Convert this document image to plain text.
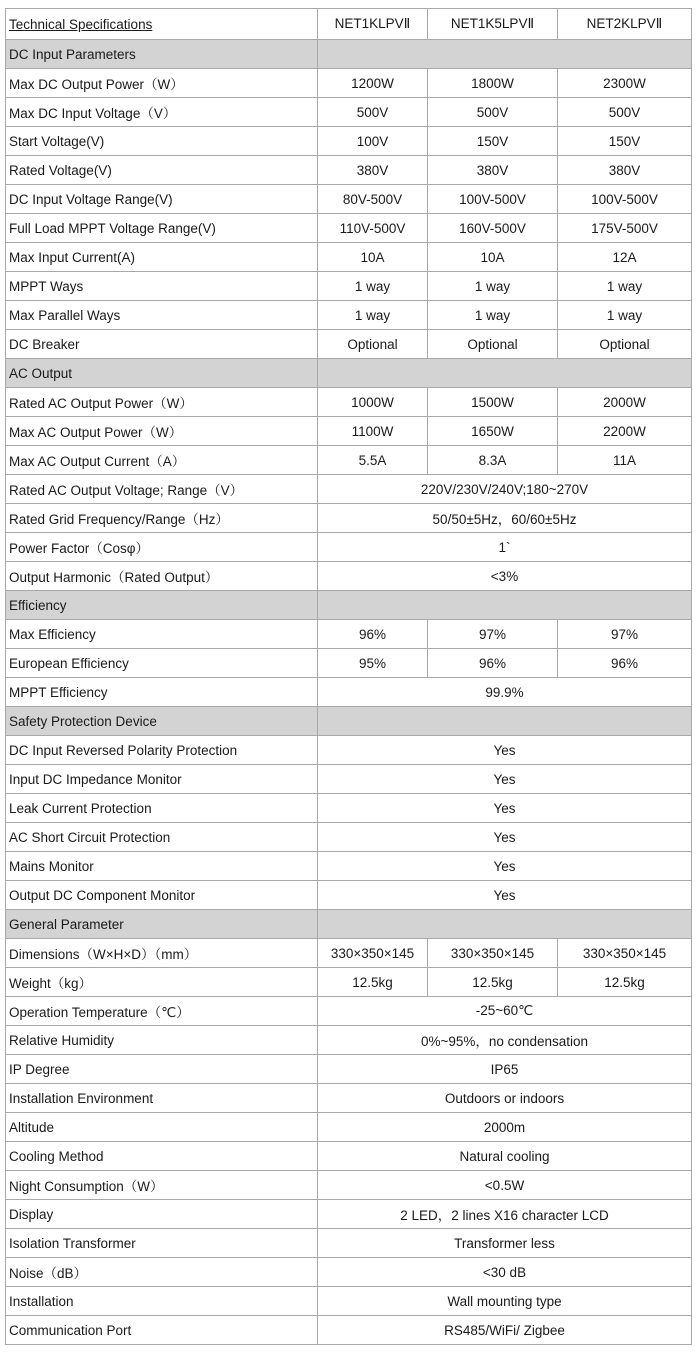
Technical Specifications	NET1KLPVⅡ	NET1K5LPVⅡ	NET2KLPVⅡ
DC Input Parameters			
Max DC Output Power（W）	1200W	1800W	2300W
Max DC Input Voltage（V）	500V	500V	500V
Start Voltage(V)	100V	150V	150V
Rated Voltage(V)	380V	380V	380V
DC Input Voltage Range(V)	80V-500V	100V-500V	100V-500V
Full Load MPPT Voltage Range(V)	110V-500V	160V-500V	175V-500V
Max Input Current(A)	10A	10A	12A
MPPT Ways	1 way	1 way	1 way
Max Parallel Ways	1 way	1 way	1 way
DC Breaker	Optional	Optional	Optional
AC Output			
Rated AC Output Power（W）	1000W	1500W	2000W
Max AC Output Power（W）	1100W	1650W	2200W
Max AC Output Current（A）	5.5A	8.3A	11A
Rated AC Output Voltage; Range（V）	220V/230V/240V;180~270V		
Rated Grid Frequency/Range（Hz）	50/50±5Hz，60/60±5Hz		
Power Factor（Cosφ）	1`		
Output Harmonic（Rated Output）	<3%		
Efficiency			
Max Efficiency	96%	97%	97%
European Efficiency	95%	96%	96%
MPPT Efficiency	99.9%		
Safety Protection Device			
DC Input Reversed Polarity Protection	Yes		
Input DC Impedance Monitor	Yes		
Leak Current Protection	Yes		
AC Short Circuit Protection	Yes		
Mains Monitor	Yes		
Output DC Component Monitor	Yes		
General Parameter			
Dimensions（W×H×D）（mm）	330×350×145	330×350×145	330×350×145
Weight（kg）	12.5kg	12.5kg	12.5kg
Operation Temperature（℃）	-25~60℃		
Relative Humidity	0%~95%，no condensation		
IP Degree	IP65		
Installation Environment	Outdoors or indoors		
Altitude	2000m		
Cooling Method	Natural cooling		
Night Consumption（W）	<0.5W		
Display	2 LED，2 lines X16 character LCD		
Isolation Transformer	Transformer less		
Noise（dB）	<30 dB		
Installation	Wall mounting type		
Communication Port	RS485/WiFi/ Zigbee		
